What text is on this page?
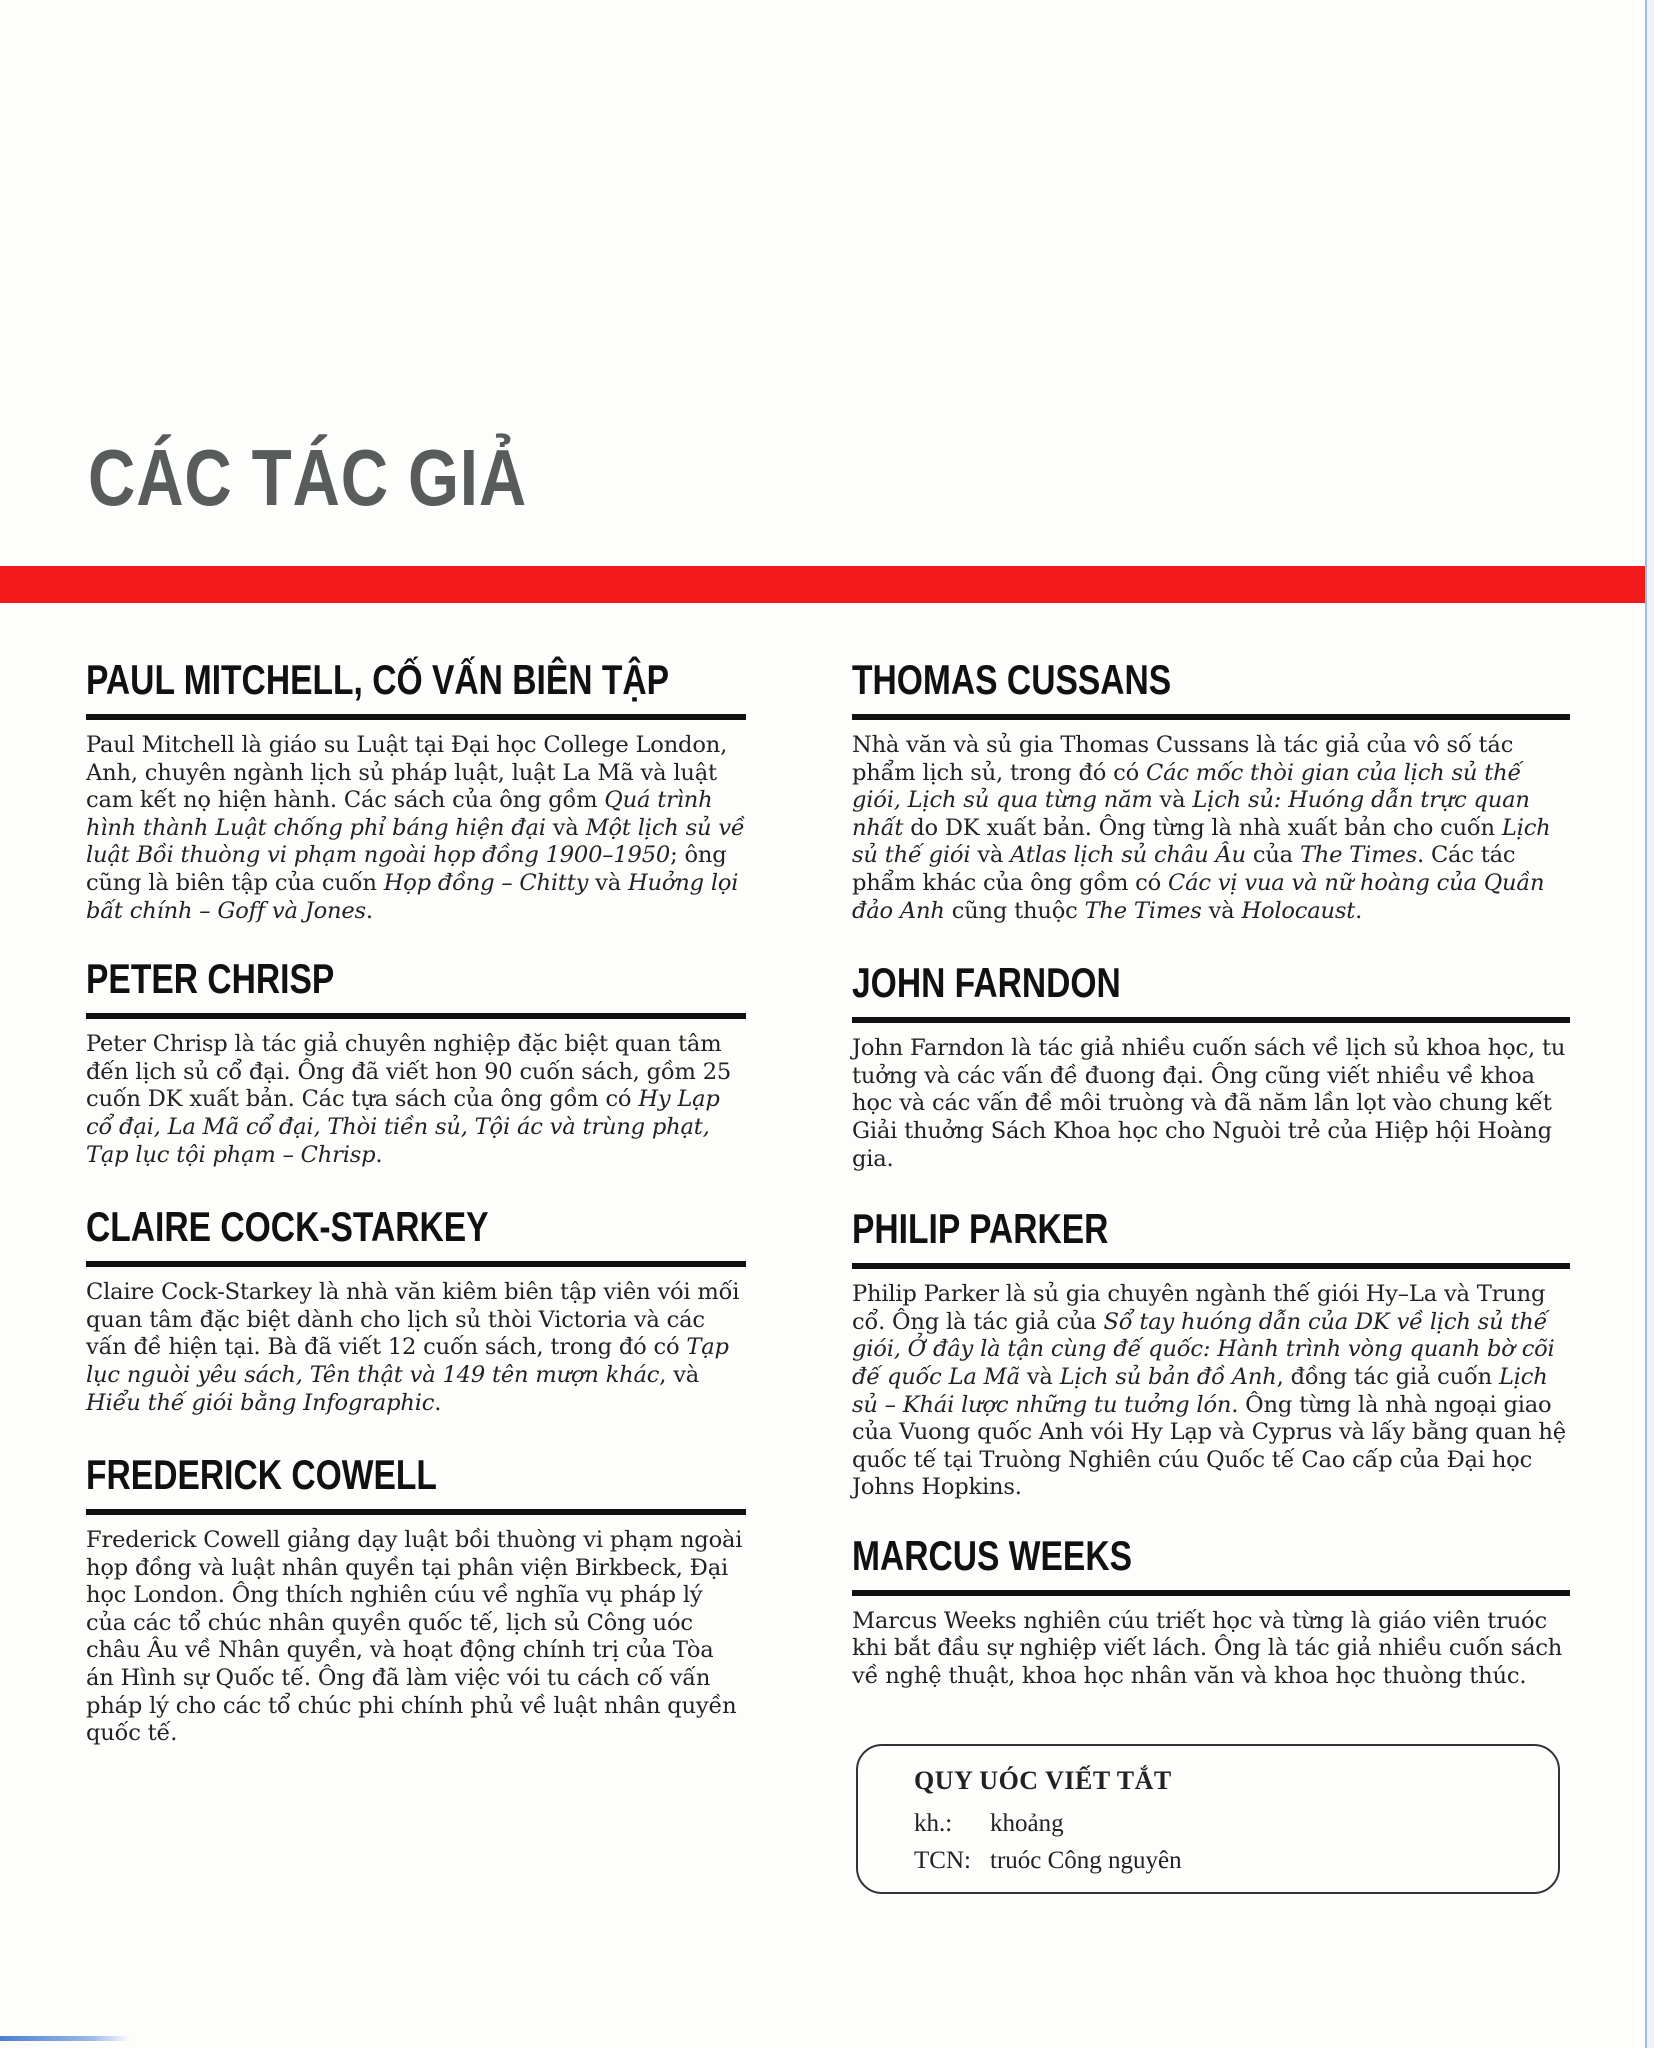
CÁC TÁC GIẢ
PAUL MITCHELL, CỐ VẤN BIÊN TẬP

Paul Mitchell là giáo su Luật tại Đại học College London, Anh, chuyên ngành lịch sủ pháp luật, luật La Mã và luật cam kết nọ hiện hành. Các sách của ông gồm Quá trình hình thành Luật chống phỉ báng hiện đại và Một lịch sủ về luật Bồi thuòng vi phạm ngoài họp đồng 1900–1950; ông cũng là biên tập của cuốn Họp đồng – Chitty và Huởng lọi bất chính – Goff và Jones.

PETER CHRISP

Peter Chrisp là tác giả chuyên nghiệp đặc biệt quan tâm đến lịch sủ cổ đại. Ông đã viết hon 90 cuốn sách, gồm 25 cuốn DK xuất bản. Các tựa sách của ông gồm có Hy Lạp cổ đại, La Mã cổ đại, Thòi tiền sủ, Tội ác và trùng phạt, Tạp lục tội phạm – Chrisp.

CLAIRE COCK-STARKEY

Claire Cock-Starkey là nhà văn kiêm biên tập viên vói mối quan tâm đặc biệt dành cho lịch sủ thòi Victoria và các vấn đề hiện tại. Bà đã viết 12 cuốn sách, trong đó có Tạp lục nguòi yêu sách, Tên thật và 149 tên mượn khác, và Hiểu thế giói bằng Infographic.

FREDERICK COWELL

Frederick Cowell giảng dạy luật bồi thuòng vi phạm ngoài họp đồng và luật nhân quyền tại phân viện Birkbeck, Đại học London. Ông thích nghiên cúu về nghĩa vụ pháp lý của các tổ chúc nhân quyền quốc tế, lịch sủ Công uóc châu Âu về Nhân quyền, và hoạt động chính trị của Tòa án Hình sự Quốc tế. Ông đã làm việc vói tu cách cố vấn pháp lý cho các tổ chúc phi chính phủ về luật nhân quyền quốc tế.

THOMAS CUSSANS

Nhà văn và sủ gia Thomas Cussans là tác giả của vô số tác phẩm lịch sủ, trong đó có Các mốc thòi gian của lịch sủ thế giói, Lịch sủ qua từng năm và Lịch sủ: Huóng dẫn trực quan nhất do DK xuất bản. Ông từng là nhà xuất bản cho cuốn Lịch sủ thế giói và Atlas lịch sủ châu Âu của The Times. Các tác phẩm khác của ông gồm có Các vị vua và nữ hoàng của Quần đảo Anh cũng thuộc The Times và Holocaust.

JOHN FARNDON

John Farndon là tác giả nhiều cuốn sách về lịch sủ khoa học, tu tuởng và các vấn đề đuong đại. Ông cũng viết nhiều về khoa học và các vấn đề môi truòng và đã năm lần lọt vào chung kết Giải thuởng Sách Khoa học cho Nguòi trẻ của Hiệp hội Hoàng gia.

PHILIP PARKER

Philip Parker là sủ gia chuyên ngành thế giói Hy–La và Trung cổ. Ông là tác giả của Sổ tay huóng dẫn của DK về lịch sủ thế giói, Ở đây là tận cùng đế quốc: Hành trình vòng quanh bờ cõi đế quốc La Mã và Lịch sủ bản đồ Anh, đồng tác giả cuốn Lịch sủ – Khái lược những tu tuởng lón. Ông từng là nhà ngoại giao của Vuong quốc Anh vói Hy Lạp và Cyprus và lấy bằng quan hệ quốc tế tại Truòng Nghiên cúu Quốc tế Cao cấp của Đại học Johns Hopkins.

MARCUS WEEKS

Marcus Weeks nghiên cúu triết học và từng là giáo viên truóc khi bắt đầu sự nghiệp viết lách. Ông là tác giả nhiều cuốn sách về nghệ thuật, khoa học nhân văn và khoa học thuòng thúc.

QUY UÓC VIẾT TẮT
kh.: khoảng
TCN: truóc Công nguyên
